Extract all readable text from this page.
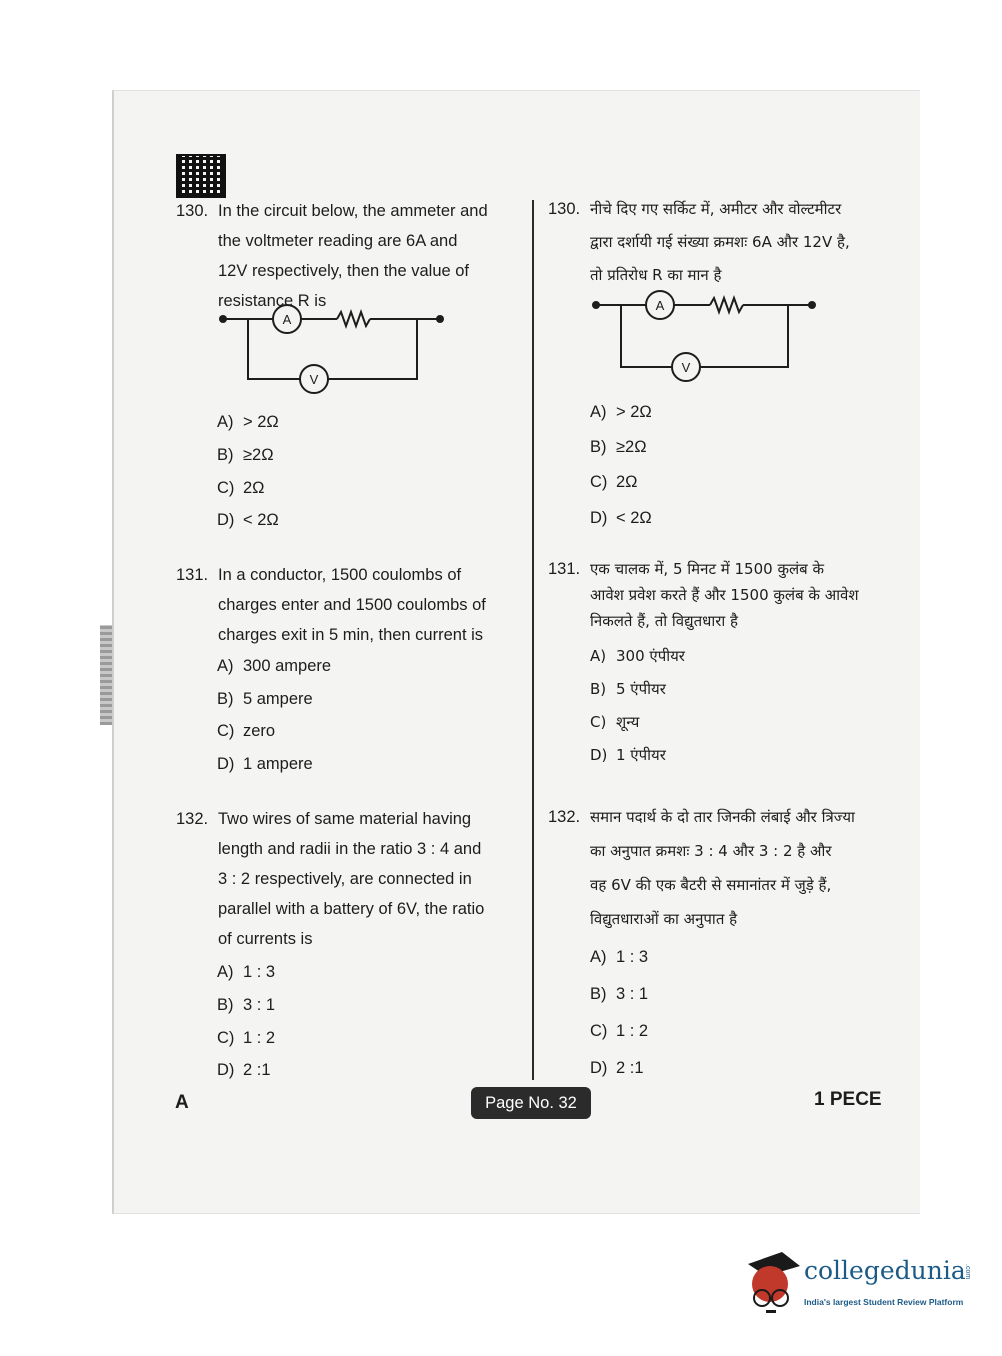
130. In the circuit below, the ammeter and
the voltmeter reading are 6A and
12V respectively, then the value of
resistance R is
A
V
A) > 2Ω
B) ≥2Ω
C) 2Ω
D) < 2Ω
131. In a conductor, 1500 coulombs of
charges enter and 1500 coulombs of
charges exit in 5 min, then current is
A) 300 ampere
B) 5 ampere
C) zero
D) 1 ampere
132. Two wires of same material having
length and radii in the ratio 3 : 4 and
3 : 2 respectively, are connected in
parallel with a battery of 6V, the ratio
of currents is
A) 1 : 3
B) 3 : 1
C) 1 : 2
D) 2 :1
130. नीचे दिए गए सर्किट में, अमीटर और वोल्टमीटर
द्वारा दर्शायी गई संख्या क्रमशः 6A और 12V है,
तो प्रतिरोध R का मान है
A
V
A) > 2Ω
B) ≥2Ω
C) 2Ω
D) < 2Ω
131. एक चालक में, 5 मिनट में 1500 कुलंब के
आवेश प्रवेश करते हैं और 1500 कुलंब के आवेश
निकलते हैं, तो विद्युतधारा है
A) 300 एंपीयर
B) 5 एंपीयर
C) शून्य
D) 1 एंपीयर
132. समान पदार्थ के दो तार जिनकी लंबाई और त्रिज्या
का अनुपात क्रमशः 3 : 4 और 3 : 2 है और
वह 6V की एक बैटरी से समानांतर में जुड़े हैं,
विद्युतधाराओं का अनुपात है
A) 1 : 3
B) 3 : 1
C) 1 : 2
D) 2 :1
A	Page No. 32	1 PECE
collegedunia
.com
India's largest Student Review Platform
